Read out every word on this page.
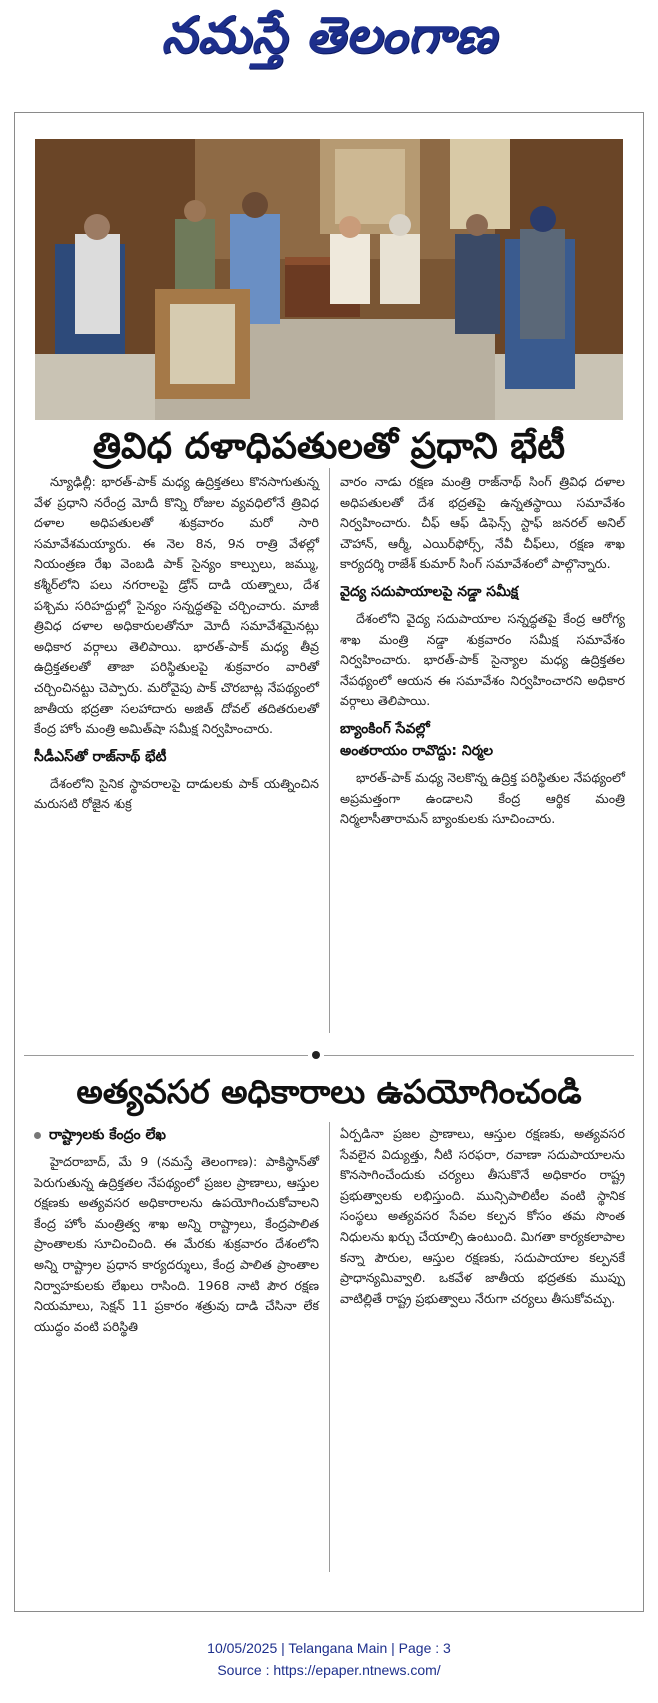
నమస్తే తెలంగాణ
త్రివిధ దళాధిపతులతో ప్రధాని భేటీ

న్యూఢిల్లీ: భారత్-పాక్ మధ్య ఉద్రిక్తతలు కొనసాగుతున్న వేళ ప్రధాని నరేంద్ర మోదీ కొన్ని రోజుల వ్యవధిలోనే త్రివిధ దళాల అధిపతులతో శుక్రవారం మరో సారి సమావేశమయ్యారు. ఈ నెల 8న, 9న రాత్రి వేళల్లో నియంత్రణ రేఖ వెంబడి పాక్ సైన్యం కాల్పులు, జమ్ము, కశ్మీర్‌లోని పలు నగరాలపై డ్రోన్ దాడి యత్నాలు, దేశ పశ్చిమ సరిహద్దుల్లో సైన్యం సన్నద్ధతపై చర్చించారు. మాజీ త్రివిధ దళాల అధికారులతోనూ మోదీ సమావేశమైనట్లు అధికార వర్గాలు తెలిపాయి. భారత్-పాక్ మధ్య తీవ్ర ఉద్రిక్తతలతో తాజా పరిస్థితులపై శుక్రవారం వారితో చర్చించినట్టు చెప్పారు. మరోవైపు పాక్ చొరబాట్ల నేపథ్యంలో జాతీయ భద్రతా సలహాదారు అజిత్ దోవల్ తదితరులతో కేంద్ర హోం మంత్రి అమిత్‌షా సమీక్ష నిర్వహించారు.

సీడీఎస్‌తో రాజ్‌నాథ్ భేటీ

దేశంలోని సైనిక స్థావరాలపై దాడులకు పాక్ యత్నించిన మరుసటి రోజైన శుక్ర

వారం నాడు రక్షణ మంత్రి రాజ్‌నాథ్ సింగ్ త్రివిధ దళాల అధిపతులతో దేశ భద్రతపై ఉన్నతస్థాయి సమావేశం నిర్వహించారు. చీఫ్ ఆఫ్ డిఫెన్స్ స్టాఫ్ జనరల్ అనిల్ చౌహాన్, ఆర్మీ, ఎయిర్‌ఫోర్స్, నేవీ చీఫ్‌లు, రక్షణ శాఖ కార్యదర్శి రాజేశ్ కుమార్ సింగ్ సమావేశంలో పాల్గొన్నారు.

వైద్య సదుపాయాలపై నడ్డా సమీక్ష

దేశంలోని వైద్య సదుపాయాల సన్నద్ధతపై కేంద్ర ఆరోగ్య శాఖ మంత్రి నడ్డా శుక్రవారం సమీక్ష సమావేశం నిర్వహించారు. భారత్-పాక్ సైన్యాల మధ్య ఉద్రిక్తతల నేపథ్యంలో ఆయన ఈ సమావేశం నిర్వహించారని అధికార వర్గాలు తెలిపాయి.

బ్యాంకింగ్ సేవల్లో
అంతరాయం రావొద్దు: నిర్మల

భారత్-పాక్ మధ్య నెలకొన్న ఉద్రిక్త పరిస్థితుల నేపథ్యంలో అప్రమత్తంగా ఉండాలని కేంద్ర ఆర్థిక మంత్రి నిర్మలాసీతారామన్ బ్యాంకులకు సూచించారు.

అత్యవసర అధికారాలు ఉపయోగించండి
రాష్ట్రాలకు కేంద్రం లేఖ

హైదరాబాద్, మే 9 (నమస్తే తెలంగాణ): పాకిస్థాన్‌తో పెరుగుతున్న ఉద్రిక్తతల నేపథ్యంలో ప్రజల ప్రాణాలు, ఆస్తుల రక్షణకు అత్యవసర అధికారాలను ఉపయోగించుకోవాలని కేంద్ర హోం మంత్రిత్వ శాఖ అన్ని రాష్ట్రాలు, కేంద్రపాలిత ప్రాంతాలకు సూచించింది. ఈ మేరకు శుక్రవారం దేశంలోని అన్ని రాష్ట్రాల ప్రధాన కార్యదర్శులు, కేంద్ర పాలిత ప్రాంతాల నిర్వాహకులకు లేఖలు రాసింది. 1968 నాటి పౌర రక్షణ నియమాలు, సెక్షన్ 11 ప్రకారం శత్రువు దాడి చేసినా లేక యుద్ధం వంటి పరిస్థితి

ఏర్పడినా ప్రజల ప్రాణాలు, ఆస్తుల రక్షణకు, అత్యవసర సేవలైన విద్యుత్తు, నీటి సరఫరా, రవాణా సదుపాయాలను కొనసాగించేందుకు చర్యలు తీసుకొనే అధికారం రాష్ట్ర ప్రభుత్వాలకు లభిస్తుంది. మున్సిపాలిటీల వంటి స్థానిక సంస్థలు అత్యవసర సేవల కల్పన కోసం తమ సొంత నిధులను ఖర్చు చేయాల్సి ఉంటుంది. మిగతా కార్యకలాపాల కన్నా పౌరుల, ఆస్తుల రక్షణకు, సదుపాయాల కల్పనకే ప్రాధాన్యమివ్వాలి. ఒకవేళ జాతీయ భద్రతకు ముప్పు వాటిల్లితే రాష్ట్ర ప్రభుత్వాలు నేరుగా చర్యలు తీసుకోవచ్చు.

10/05/2025 | Telangana Main | Page : 3
Source : https://epaper.ntnews.com/
